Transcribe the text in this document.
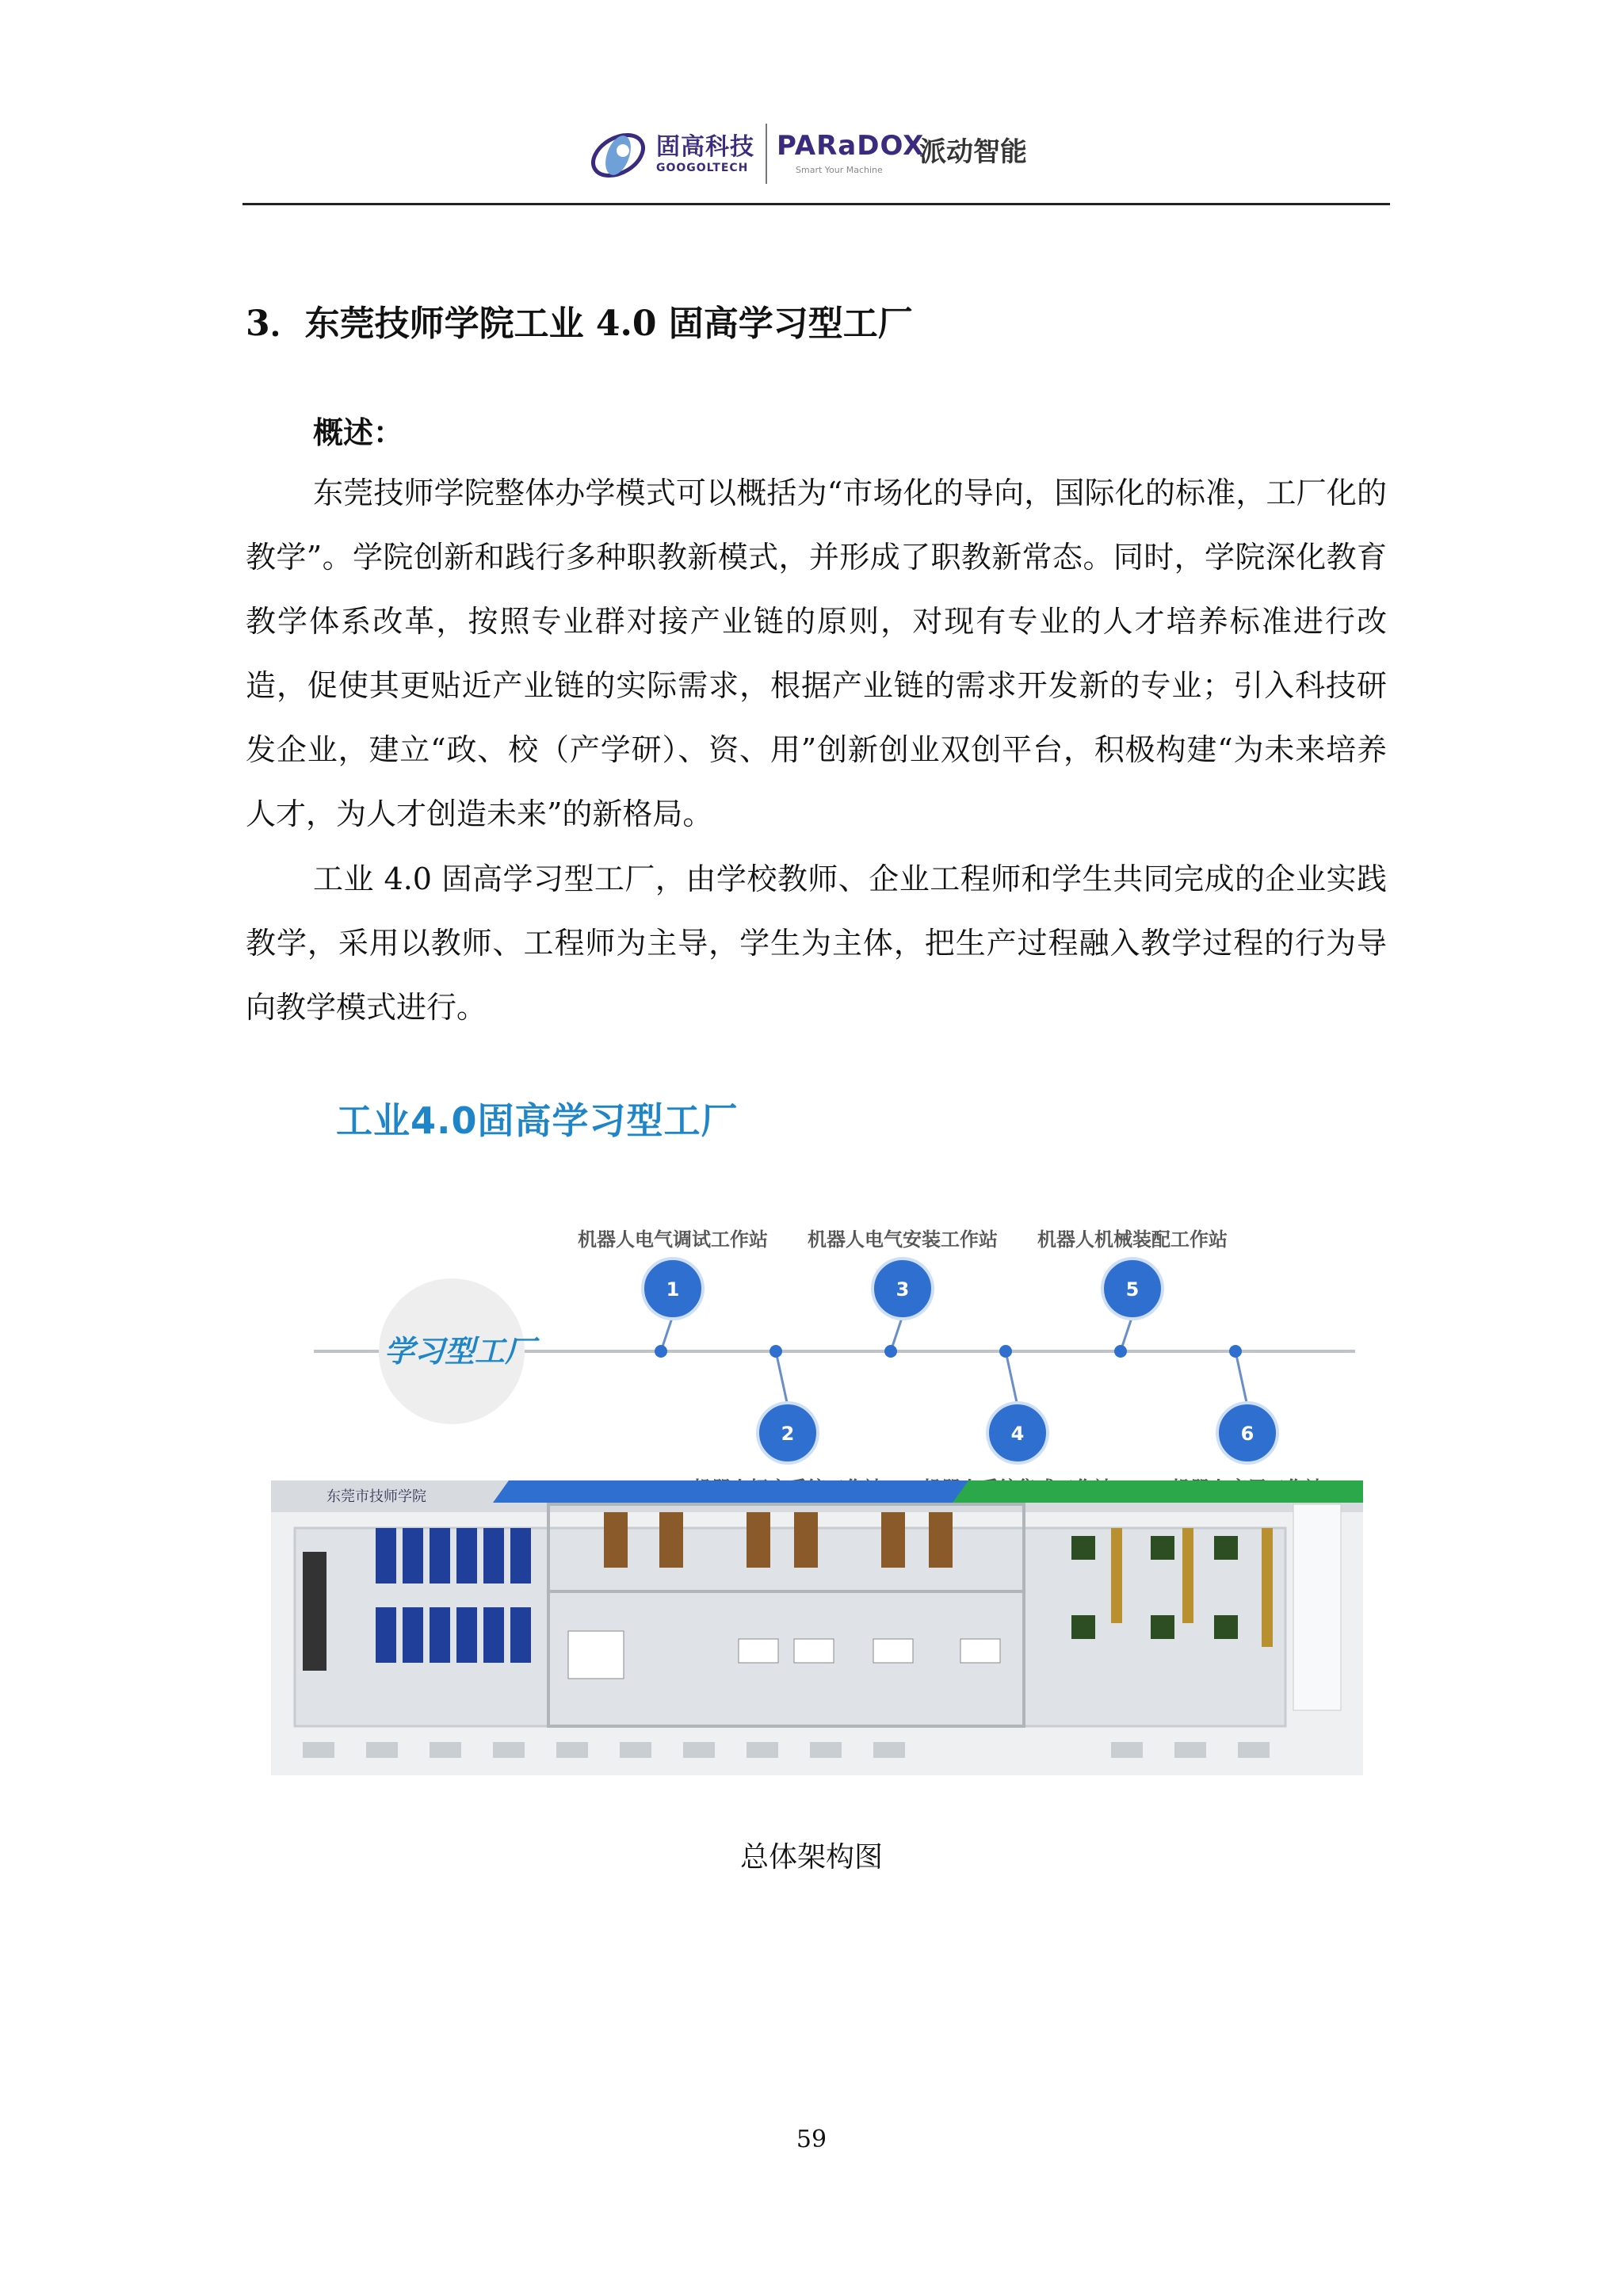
固高科技
GOOGOLTECH
PARaDOX
Smart Your Machine
派动智能
3．东莞技师学院工业 4.0 固高学习型工厂
概述：
东莞技师学院整体办学模式可以概括为“市场化的导向，国际化的标准，工厂化的教学”。学院创新和践行多种职教新模式，并形成了职教新常态。同时，学院深化教育教学体系改革，按照专业群对接产业链的原则，对现有专业的人才培养标准进行改造，促使其更贴近产业链的实际需求，根据产业链的需求开发新的专业；引入科技研发企业，建立“政、校（产学研）、资、用”创新创业双创平台，积极构建“为未来培养人才，为人才创造未来”的新格局。
工业 4.0 固高学习型工厂，由学校教师、企业工程师和学生共同完成的企业实践教学，采用以教师、工程师为主导，学生为主体，把生产过程融入教学过程的行为导向教学模式进行。
工业4.0固高学习型工厂
学习型工厂
1
机器人电气调试工作站
2
3
机器人电气安装工作站
4
5
机器人机械装配工作站
6
东莞市技师学院
总体架构图
59
